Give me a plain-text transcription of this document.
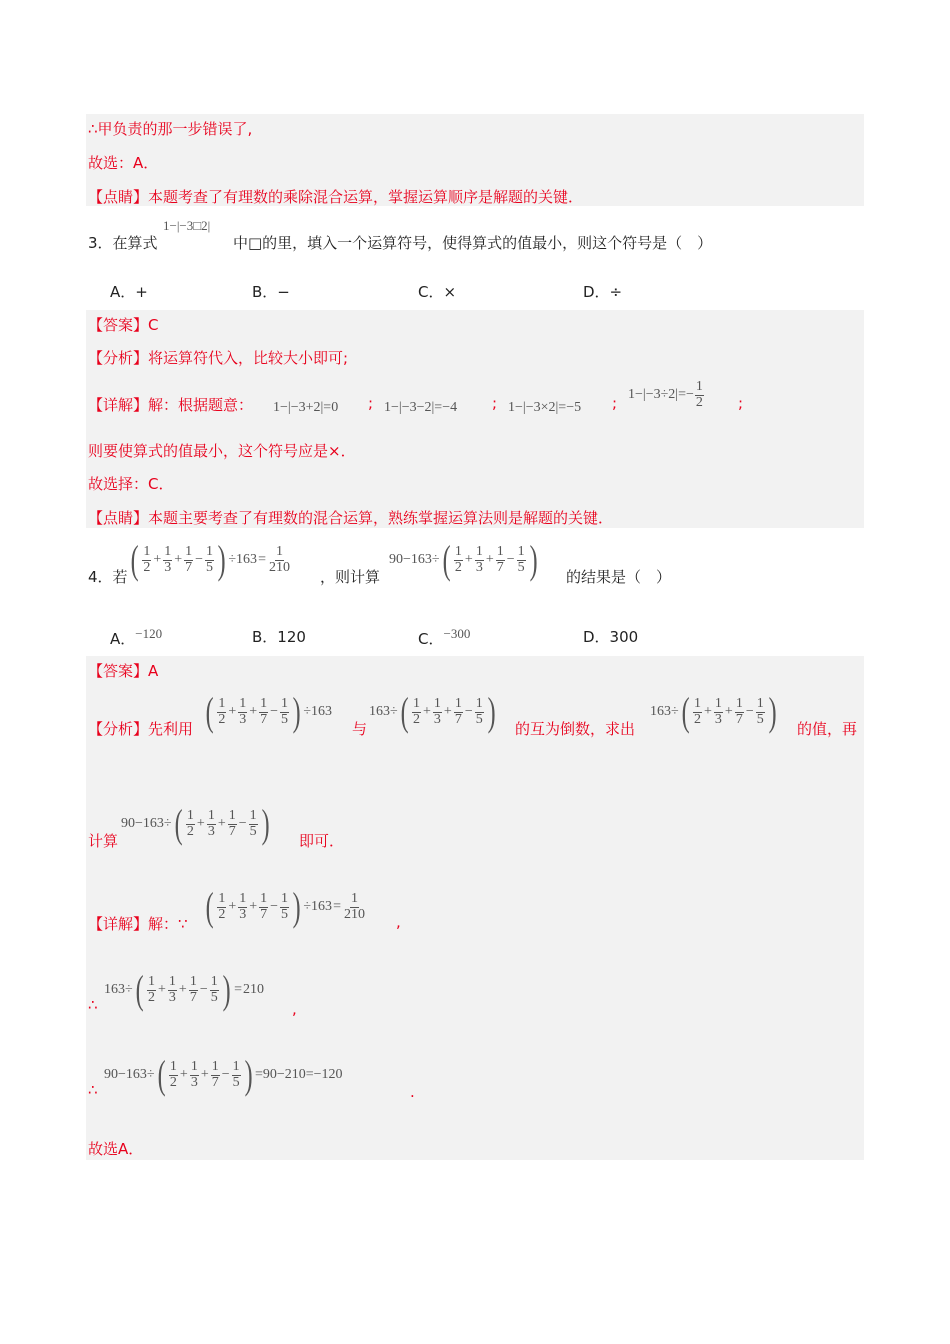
∴甲负责的那一步错误了,
故选：A．
【点睛】本题考查了有理数的乘除混合运算，掌握运算顺序是解题的关键．
3．在算式
1−|−3□2|
中□的里，填入一个运算符号，使得算式的值最小，则这个符号是（　）
A．+	B．−	C．×	D．÷
【答案】C
【分析】将运算符代入，比较大小即可;
【详解】解：根据题意： 1−|−3+2|=0 ; 1−|−3−2|=−4 ; 1−|−3×2|=−5 ; $1-|-3\div 2|=- \frac{1}{2}$ ;
则要使算式的值最小，这个符号应是×．
故选择：C．
【点睛】本题主要考查了有理数的混合运算，熟练掌握运算法则是解题的关键．
4．若 ( $\frac{1}{2} + \frac{1}{3} + \frac{1}{7} - \frac{1}{5}$ ) $\div 163 = \frac{1}{210}$
，则计算
90−163÷ ( $\frac{1}{2} + \frac{1}{3} + \frac{1}{7} - \frac{1}{5}$ ) 的结果是（　）
A．−120	B．120	C．−300	D．300
【答案】A
【分析】先利用 ( $\frac{1}{2} + \frac{1}{3} + \frac{1}{7} - \frac{1}{5}$ ) ÷163
与
163÷ ( $\frac{1}{2} + \frac{1}{3} + \frac{1}{7} - \frac{1}{5}$ ) 的互为倒数，求出
163÷ ( $\frac{1}{2} + \frac{1}{3} + \frac{1}{7} - \frac{1}{5}$ ) 的值，再
计算
90−163÷ ( $\frac{1}{2} + \frac{1}{3} + \frac{1}{7} - \frac{1}{5}$ ) 即可．
【详解】解：∵ ( $\frac{1}{2} + \frac{1}{3} + \frac{1}{7} - \frac{1}{5}$ ) $\div 163 = \frac{1}{210}$ ,
∴
163÷ ( $\frac{1}{2} + \frac{1}{3} + \frac{1}{7} - \frac{1}{5}$ ) = 210
,
∴
90−163÷ ( $\frac{1}{2} + \frac{1}{3} + \frac{1}{7} - \frac{1}{5}$ ) =90−210=−120
.
故选A．
